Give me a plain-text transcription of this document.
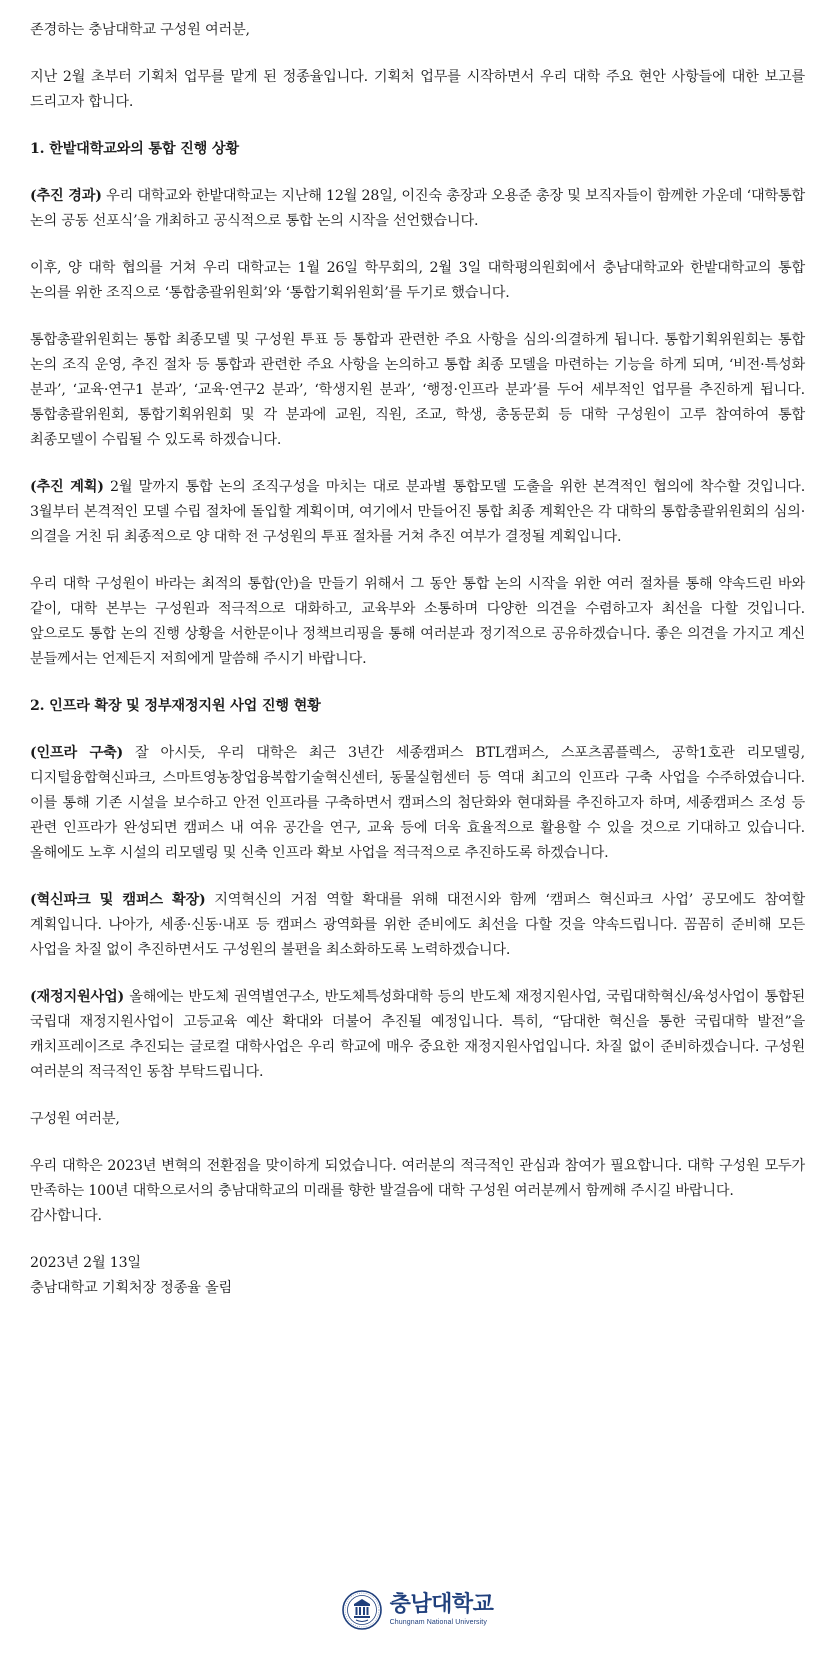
존경하는 충남대학교 구성원 여러분,

지난 2월 초부터 기획처 업무를 맡게 된 정종율입니다. 기획처 업무를 시작하면서 우리 대학 주요 현안 사항들에 대한 보고를 드리고자 합니다.

1. 한밭대학교와의 통합 진행 상황

(추진 경과) 우리 대학교와 한밭대학교는 지난해 12월 28일, 이진숙 총장과 오용준 총장 및 보직자들이 함께한 가운데 ‘대학통합 논의 공동 선포식’을 개최하고 공식적으로 통합 논의 시작을 선언했습니다.

이후, 양 대학 협의를 거쳐 우리 대학교는 1월 26일 학무회의, 2월 3일 대학평의원회에서 충남대학교와 한밭대학교의 통합 논의를 위한 조직으로 ‘통합총괄위원회’와 ‘통합기획위원회’를 두기로 했습니다.

통합총괄위원회는 통합 최종모델 및 구성원 투표 등 통합과 관련한 주요 사항을 심의·의결하게 됩니다. 통합기획위원회는 통합 논의 조직 운영, 추진 절차 등 통합과 관련한 주요 사항을 논의하고 통합 최종 모델을 마련하는 기능을 하게 되며, ‘비전·특성화 분과’, ‘교육·연구1 분과’, ‘교육·연구2 분과’, ‘학생지원 분과’, ‘행정·인프라 분과’를 두어 세부적인 업무를 추진하게 됩니다. 통합총괄위원회, 통합기획위원회 및 각 분과에 교원, 직원, 조교, 학생, 총동문회 등 대학 구성원이 고루 참여하여 통합 최종모델이 수립될 수 있도록 하겠습니다.

(추진 계획) 2월 말까지 통합 논의 조직구성을 마치는 대로 분과별 통합모델 도출을 위한 본격적인 협의에 착수할 것입니다. 3월부터 본격적인 모델 수립 절차에 돌입할 계획이며, 여기에서 만들어진 통합 최종 계획안은 각 대학의 통합총괄위원회의 심의·의결을 거친 뒤 최종적으로 양 대학 전 구성원의 투표 절차를 거쳐 추진 여부가 결정될 계획입니다.

우리 대학 구성원이 바라는 최적의 통합(안)을 만들기 위해서 그 동안 통합 논의 시작을 위한 여러 절차를 통해 약속드린 바와 같이, 대학 본부는 구성원과 적극적으로 대화하고, 교육부와 소통하며 다양한 의견을 수렴하고자 최선을 다할 것입니다. 앞으로도 통합 논의 진행 상황을 서한문이나 정책브리핑을 통해 여러분과 정기적으로 공유하겠습니다. 좋은 의견을 가지고 계신 분들께서는 언제든지 저희에게 말씀해 주시기 바랍니다.

2. 인프라 확장 및 정부재정지원 사업 진행 현황

(인프라 구축) 잘 아시듯, 우리 대학은 최근 3년간 세종캠퍼스 BTL캠퍼스, 스포츠콤플렉스, 공학1호관 리모델링, 디지털융합혁신파크, 스마트영농창업융복합기술혁신센터, 동물실험센터 등 역대 최고의 인프라 구축 사업을 수주하였습니다. 이를 통해 기존 시설을 보수하고 안전 인프라를 구축하면서 캠퍼스의 첨단화와 현대화를 추진하고자 하며, 세종캠퍼스 조성 등 관련 인프라가 완성되면 캠퍼스 내 여유 공간을 연구, 교육 등에 더욱 효율적으로 활용할 수 있을 것으로 기대하고 있습니다. 올해에도 노후 시설의 리모델링 및 신축 인프라 확보 사업을 적극적으로 추진하도록 하겠습니다.

(혁신파크 및 캠퍼스 확장) 지역혁신의 거점 역할 확대를 위해 대전시와 함께 ‘캠퍼스 혁신파크 사업’ 공모에도 참여할 계획입니다. 나아가, 세종·신동·내포 등 캠퍼스 광역화를 위한 준비에도 최선을 다할 것을 약속드립니다. 꼼꼼히 준비해 모든 사업을 차질 없이 추진하면서도 구성원의 불편을 최소화하도록 노력하겠습니다.

(재정지원사업) 올해에는 반도체 권역별연구소, 반도체특성화대학 등의 반도체 재정지원사업, 국립대학혁신/육성사업이 통합된 국립대 재정지원사업이 고등교육 예산 확대와 더불어 추진될 예정입니다. 특히, “담대한 혁신을 통한 국립대학 발전”을 캐치프레이즈로 추진되는 글로컬 대학사업은 우리 학교에 매우 중요한 재정지원사업입니다. 차질 없이 준비하겠습니다. 구성원 여러분의 적극적인 동참 부탁드립니다.

구성원 여러분,

우리 대학은 2023년 변혁의 전환점을 맞이하게 되었습니다. 여러분의 적극적인 관심과 참여가 필요합니다. 대학 구성원 모두가 만족하는 100년 대학으로서의 충남대학교의 미래를 향한 발걸음에 대학 구성원 여러분께서 함께해 주시길 바랍니다.

감사합니다.

2023년 2월 13일

충남대학교 기획처장 정종율 올림

충남대학교
Chungnam National University
